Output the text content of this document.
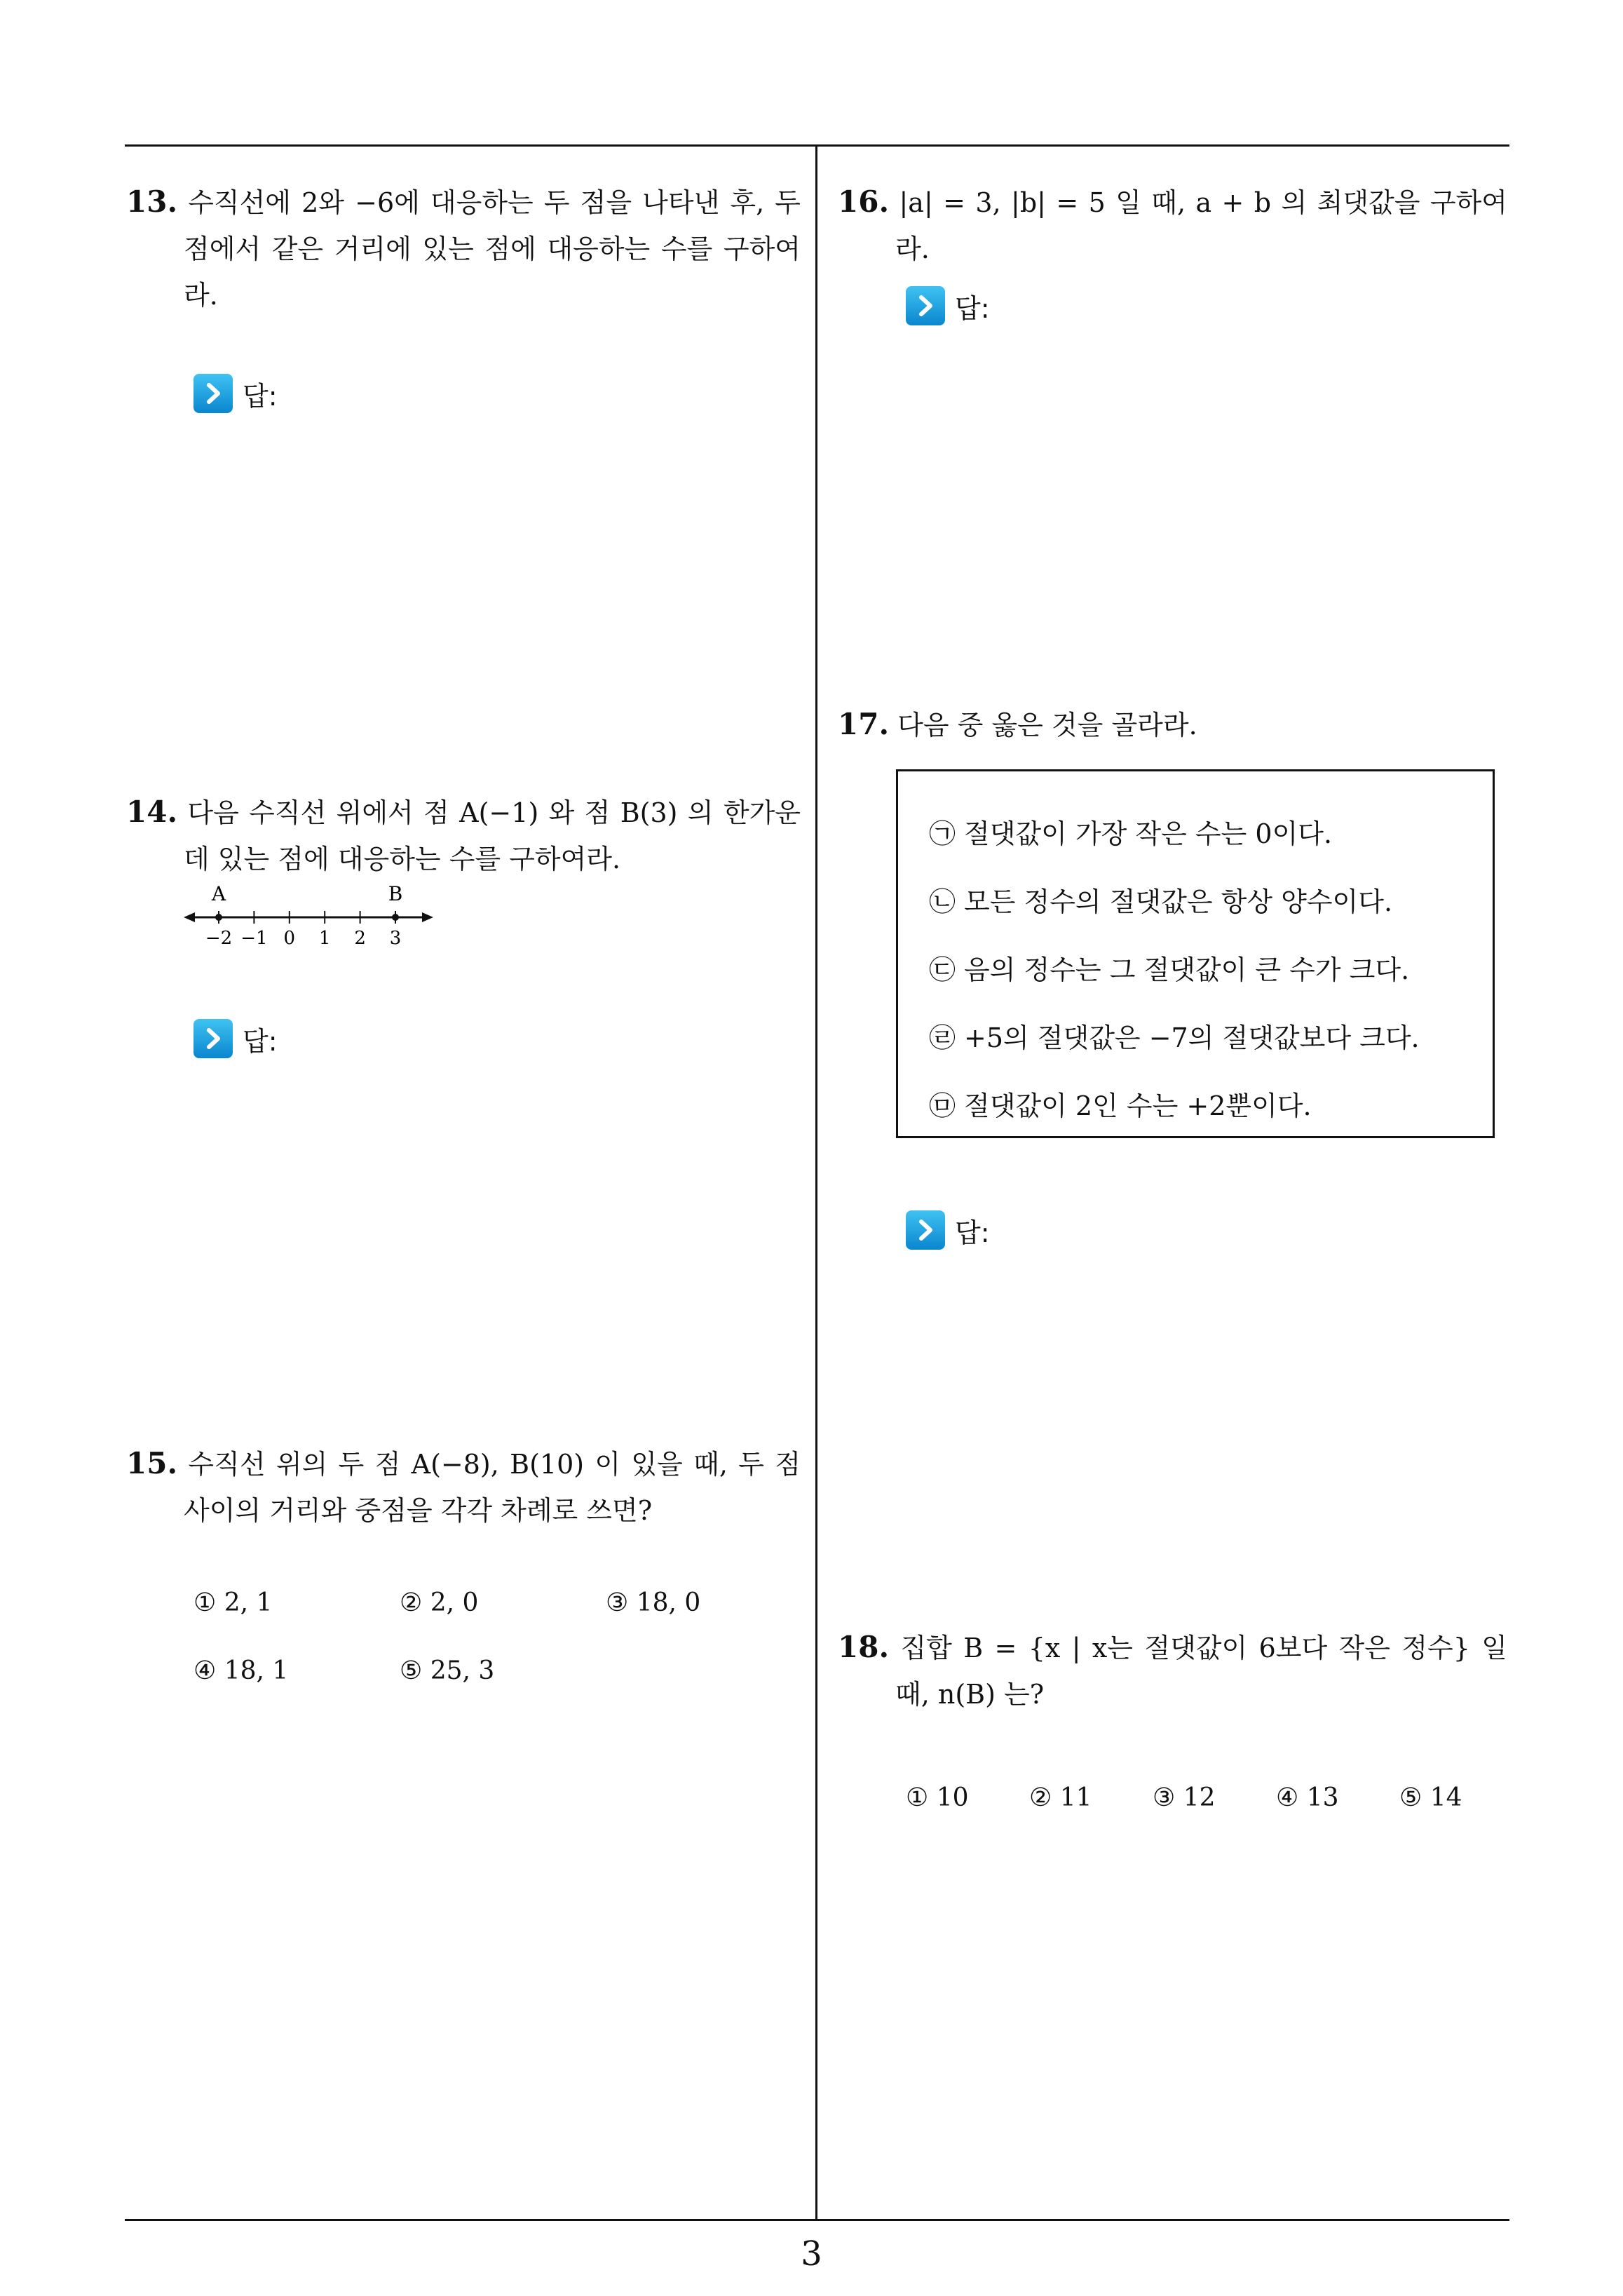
13. 수직선에 2와 −6에 대응하는 두 점을 나타낸 후, 두 점에서 같은 거리에 있는 점에 대응하는 수를 구하여라.
답:
14. 다음 수직선 위에서 점 A(−1) 와 점 B(3) 의 한가운데 있는 점에 대응하는 수를 구하여라.
−2 −1 0 1 2 3
A	B
답:
15. 수직선 위의 두 점 A(−8), B(10) 이 있을 때, 두 점 사이의 거리와 중점을 각각 차례로 쓰면?
① 2, 1	② 2, 0	③ 18, 0
④ 18, 1	⑤ 25, 3
16. |a| = 3, |b| = 5 일 때, a + b 의 최댓값을 구하여라.
답:
17. 다음 중 옳은 것을 골라라.
㉠ 절댓값이 가장 작은 수는 0이다.
㉡ 모든 정수의 절댓값은 항상 양수이다.
㉢ 음의 정수는 그 절댓값이 큰 수가 크다.
㉣ +5의 절댓값은 −7의 절댓값보다 크다.
㉤ 절댓값이 2인 수는 +2뿐이다.
답:
18. 집합 B = {x | x는 절댓값이 6보다 작은 정수} 일 때, n(B) 는?
① 10 ② 11 ③ 12 ④ 13 ⑤ 14
3
